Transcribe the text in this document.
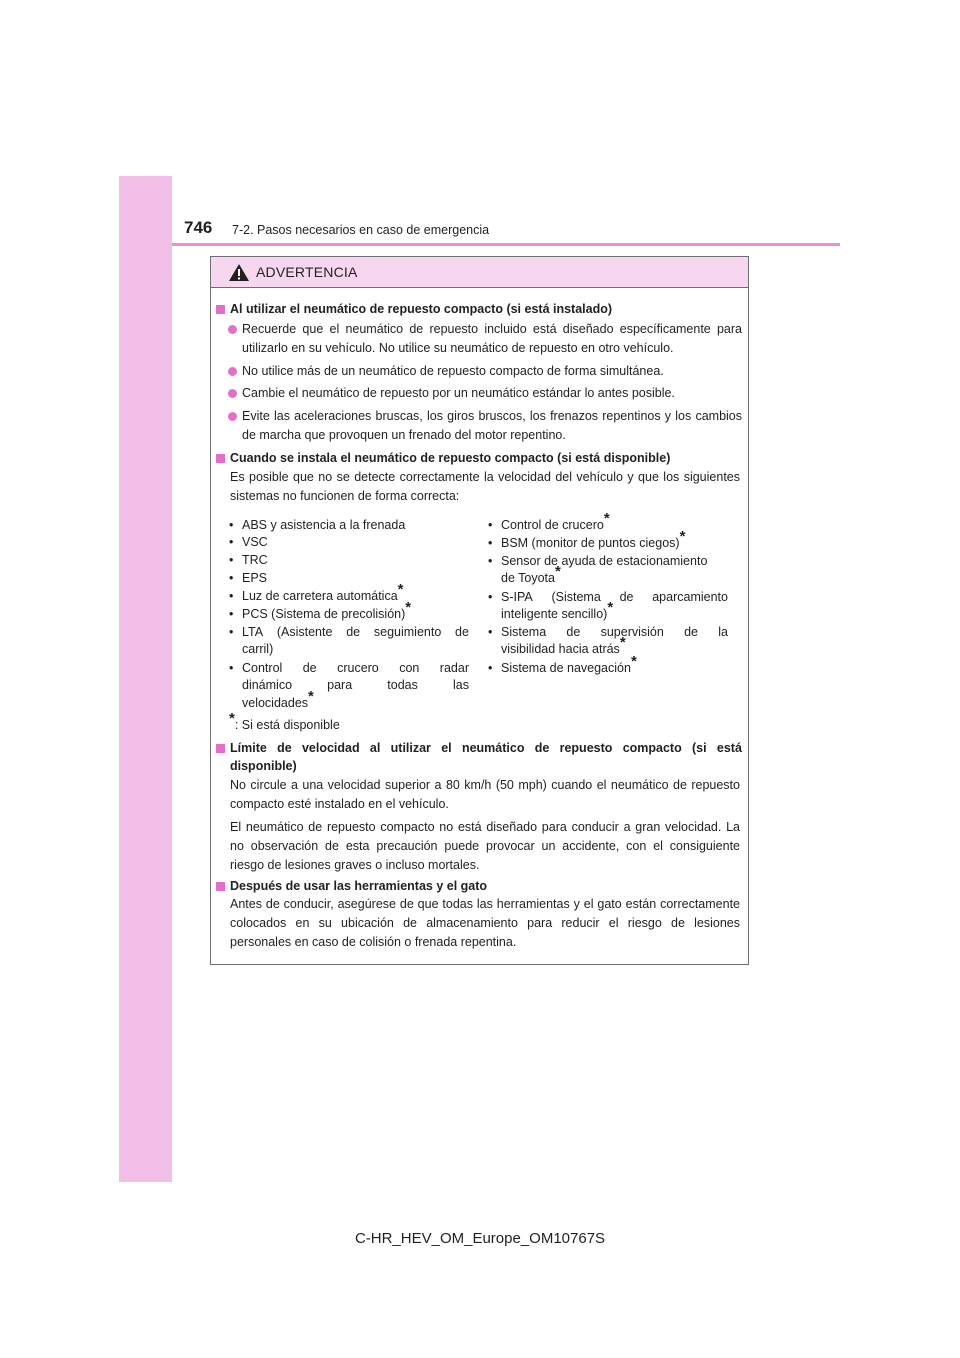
746 7-2. Pasos necesarios en caso de emergencia
ADVERTENCIA
Al utilizar el neumático de repuesto compacto (si está instalado)
Recuerde que el neumático de repuesto incluido está diseñado específicamente para utilizarlo en su vehículo. No utilice su neumático de repuesto en otro vehículo.
No utilice más de un neumático de repuesto compacto de forma simultánea.
Cambie el neumático de repuesto por un neumático estándar lo antes posible.
Evite las aceleraciones bruscas, los giros bruscos, los frenazos repentinos y los cambios de marcha que provoquen un frenado del motor repentino.
Cuando se instala el neumático de repuesto compacto (si está disponible)
Es posible que no se detecte correctamente la velocidad del vehículo y que los siguientes sistemas no funcionen de forma correcta:
• ABS y asistencia a la frenada
• VSC
• TRC
• EPS
• Luz de carretera automática*
• PCS (Sistema de precolisión)*
• LTA (Asistente de seguimiento de
carril)
• Control de crucero con radar
dinámico	para	todas	las
velocidades*
• Control de crucero*
• BSM (monitor de puntos ciegos)*
• Sensor de ayuda de estacionamiento
de Toyota*
• S-IPA (Sistema de aparcamiento
inteligente sencillo)*
• Sistema de supervisión de la
visibilidad hacia atrás*
• Sistema de navegación*
*: Si está disponible
Límite de velocidad al utilizar el neumático de repuesto compacto (si está
disponible)
No circule a una velocidad superior a 80 km/h (50 mph) cuando el neumático de repuesto compacto esté instalado en el vehículo.
El neumático de repuesto compacto no está diseñado para conducir a gran velocidad. La no observación de esta precaución puede provocar un accidente, con el consiguiente riesgo de lesiones graves o incluso mortales.
Después de usar las herramientas y el gato
Antes de conducir, asegúrese de que todas las herramientas y el gato están correctamente colocados en su ubicación de almacenamiento para reducir el riesgo de lesiones personales en caso de colisión o frenada repentina.
C-HR_HEV_OM_Europe_OM10767S
